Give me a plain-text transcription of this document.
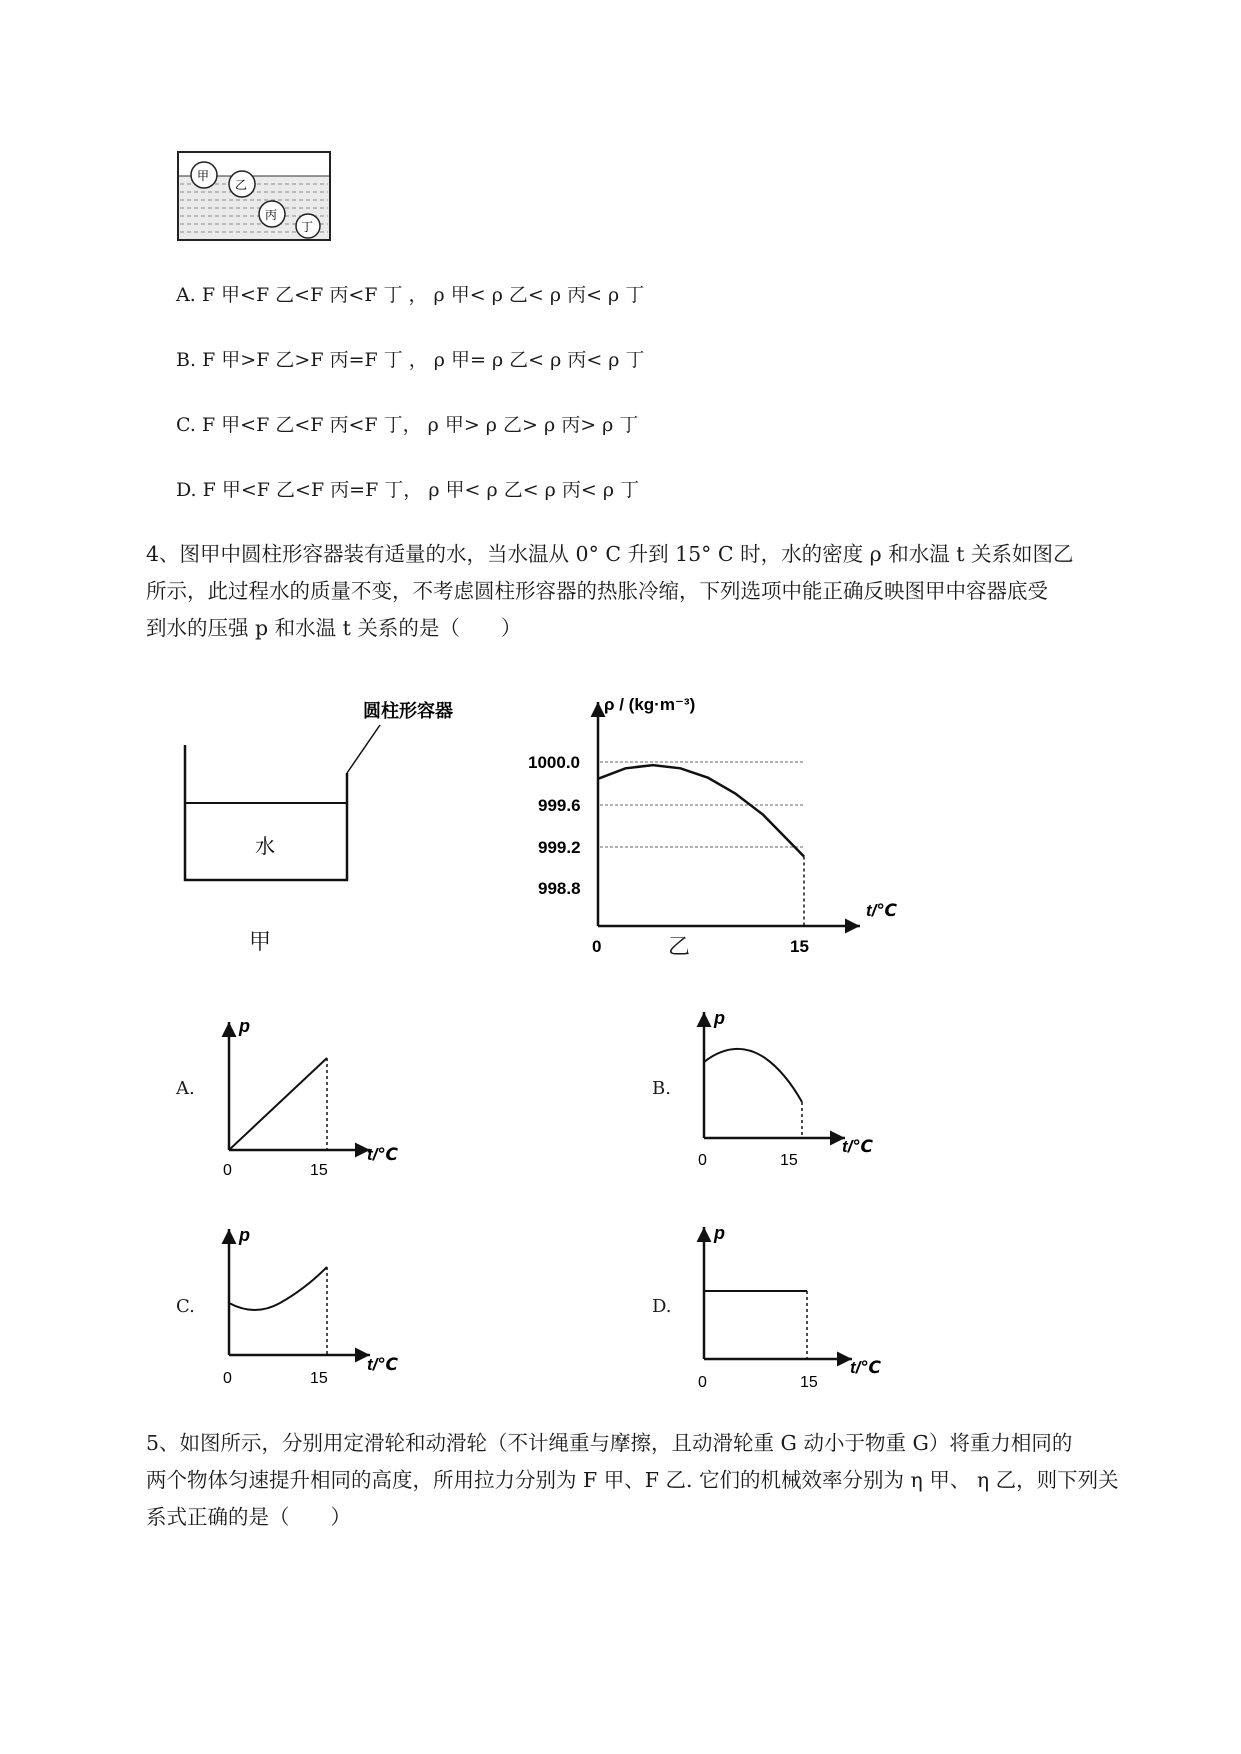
甲
乙
丙
丁
A. F 甲<F 乙<F 丙<F 丁 ， ρ 甲< ρ 乙< ρ 丙< ρ 丁
B. F 甲>F 乙>F 丙=F 丁 ， ρ 甲= ρ 乙< ρ 丙< ρ 丁
C. F 甲<F 乙<F 丙<F 丁， ρ 甲> ρ 乙> ρ 丙> ρ 丁
D. F 甲<F 乙<F 丙=F 丁， ρ 甲< ρ 乙< ρ 丙< ρ 丁
4、图甲中圆柱形容器装有适量的水，当水温从 0° C 升到 15° C 时，水的密度 ρ 和水温 t 关系如图乙
所示，此过程水的质量不变，不考虑圆柱形容器的热胀冷缩，下列选项中能正确反映图甲中容器底受
到水的压强 p 和水温 t 关系的是（　　）
圆柱形容器
水
甲
ρ / (kg·m⁻³)
t/℃
1000.0
999.6
999.2
998.8
0	15
乙
A.
p
t/℃
0	15
B.
p
t/℃
0	15
C.
p
t/℃
0	15
D.
p
t/℃
0	15
5、如图所示，分别用定滑轮和动滑轮（不计绳重与摩擦，且动滑轮重 G 动小于物重 G）将重力相同的
两个物体匀速提升相同的高度，所用拉力分别为 F 甲、F 乙. 它们的机械效率分别为 η 甲、 η 乙，则下列关
系式正确的是（　　）
